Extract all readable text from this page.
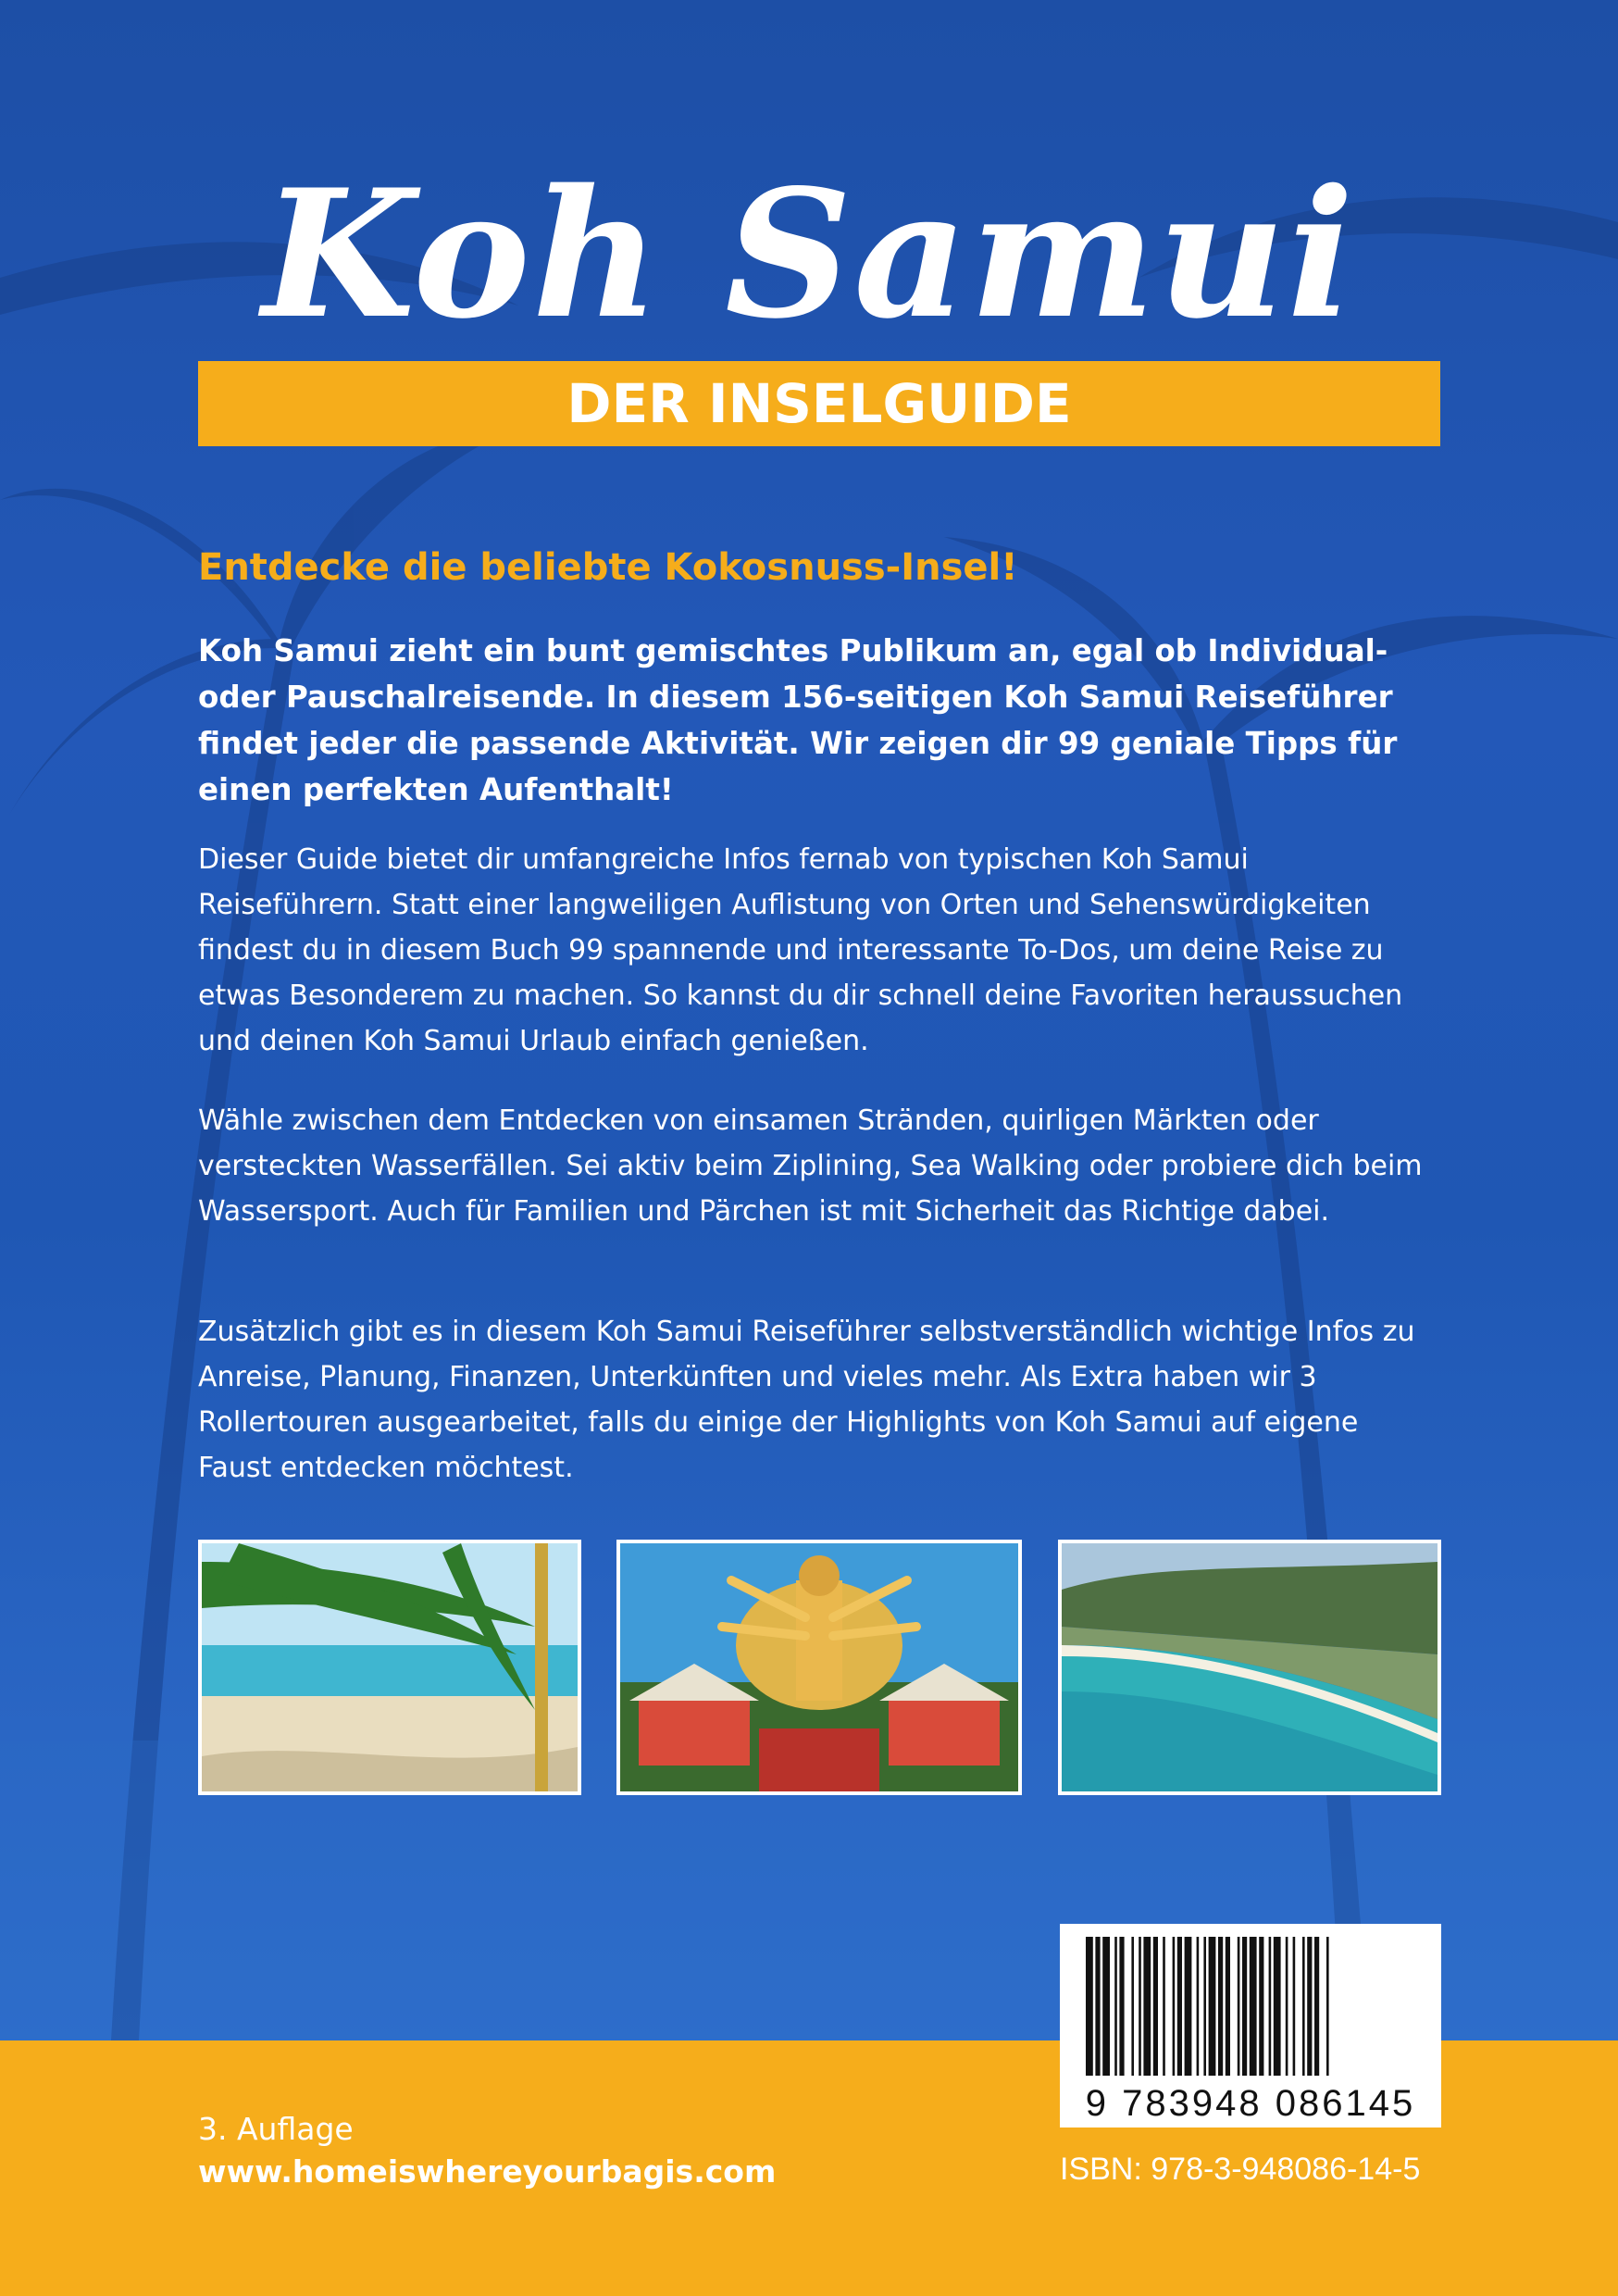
Koh Samui
DER INSELGUIDE
Entdecke die beliebte Kokosnuss-Insel!

Koh Samui zieht ein bunt gemischtes Publikum an, egal ob Individual- oder Pauschalreisende. In diesem 156-seitigen Koh Samui Reiseführer findet jeder die passende Aktivität. Wir zeigen dir 99 geniale Tipps für einen perfekten Aufenthalt!

Dieser Guide bietet dir umfangreiche Infos fernab von typischen Koh Samui Reiseführern. Statt einer langweiligen Auflistung von Orten und Sehenswürdigkeiten findest du in diesem Buch 99 spannende und interessante To-Dos, um deine Reise zu etwas Besonderem zu machen. So kannst du dir schnell deine Favoriten heraussuchen und deinen Koh Samui Urlaub einfach genießen.

Wähle zwischen dem Entdecken von einsamen Stränden, quirligen Märkten oder versteckten Wasserfällen. Sei aktiv beim Ziplining, Sea Walking oder probiere dich beim Wassersport. Auch für Familien und Pärchen ist mit Sicherheit das Richtige dabei.

Zusätzlich gibt es in diesem Koh Samui Reiseführer selbstverständlich wichtige Infos zu Anreise, Planung, Finanzen, Unterkünften und vieles mehr. Als Extra haben wir 3 Rollertouren ausgearbeitet, falls du einige der Highlights von Koh Samui auf eigene Faust entdecken möchtest.

3. Auflage
www.homeiswhereyourbagis.com
9 783948 086145
ISBN: 978-3-948086-14-5
